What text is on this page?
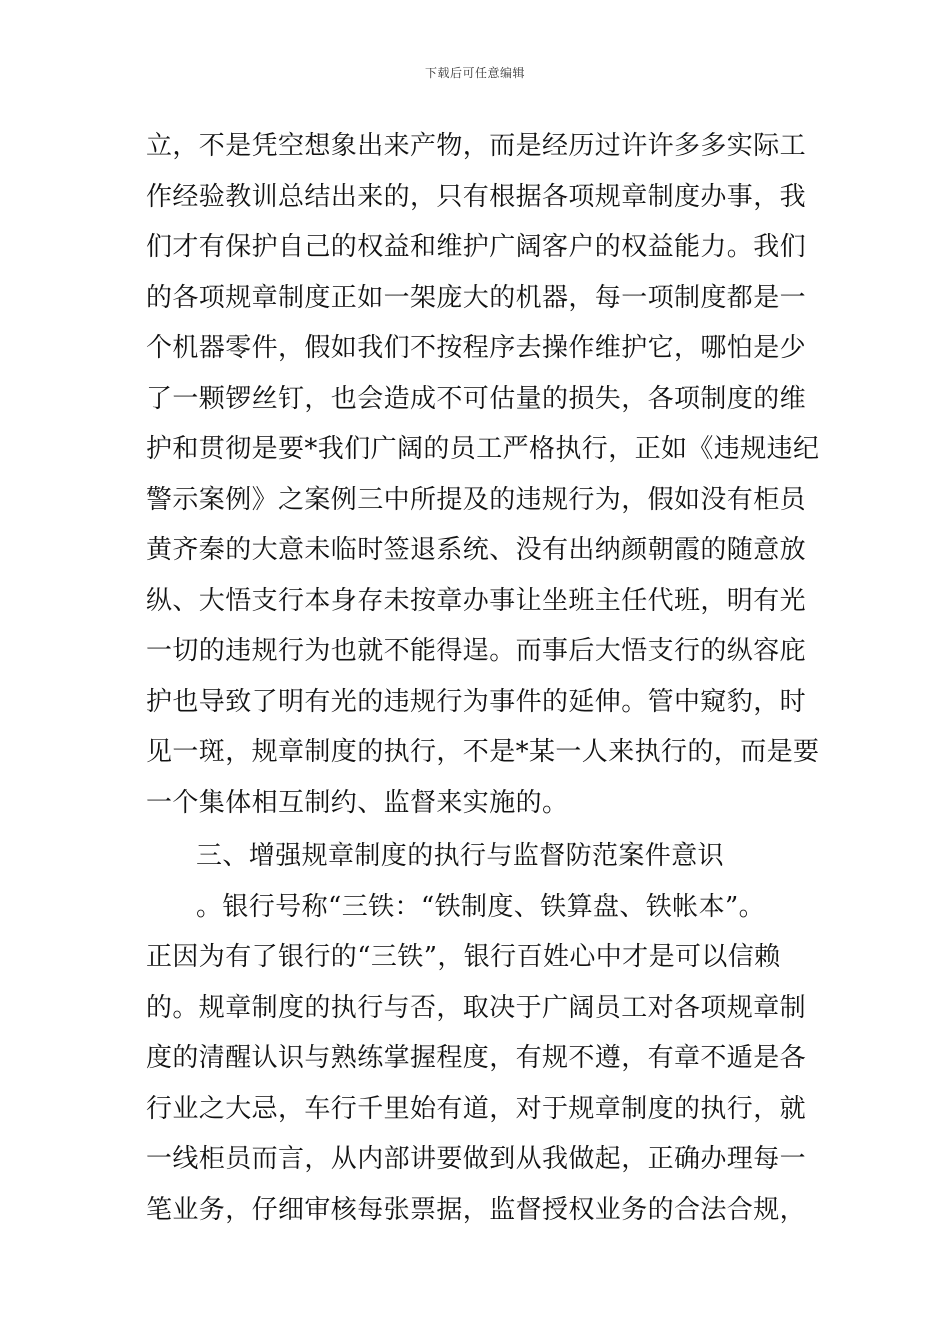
下载后可任意编辑
立，不是凭空想象出来产物，而是经历过许许多多实际工
作经验教训总结出来的，只有根据各项规章制度办事，我
们才有保护自己的权益和维护广阔客户的权益能力。我们
的各项规章制度正如一架庞大的机器，每一项制度都是一
个机器零件，假如我们不按程序去操作维护它，哪怕是少
了一颗锣丝钉，也会造成不可估量的损失，各项制度的维
护和贯彻是要*我们广阔的员工严格执行，正如《违规违纪
警示案例》之案例三中所提及的违规行为，假如没有柜员
黄齐秦的大意未临时签退系统、没有出纳颜朝霞的随意放
纵、大悟支行本身存未按章办事让坐班主任代班，明有光
一切的违规行为也就不能得逞。而事后大悟支行的纵容庇
护也导致了明有光的违规行为事件的延伸。管中窥豹，时
见一斑，规章制度的执行，不是*某一人来执行的，而是要
一个集体相互制约、监督来实施的。
三、增强规章制度的执行与监督防范案件意识
。银行号称“三铁：“铁制度、铁算盘、铁帐本”。
正因为有了银行的“三铁”，银行百姓心中才是可以信赖
的。规章制度的执行与否，取决于广阔员工对各项规章制
度的清醒认识与熟练掌握程度，有规不遵，有章不遁是各
行业之大忌，车行千里始有道，对于规章制度的执行，就
一线柜员而言，从内部讲要做到从我做起，正确办理每一
笔业务，仔细审核每张票据，监督授权业务的合法合规，
